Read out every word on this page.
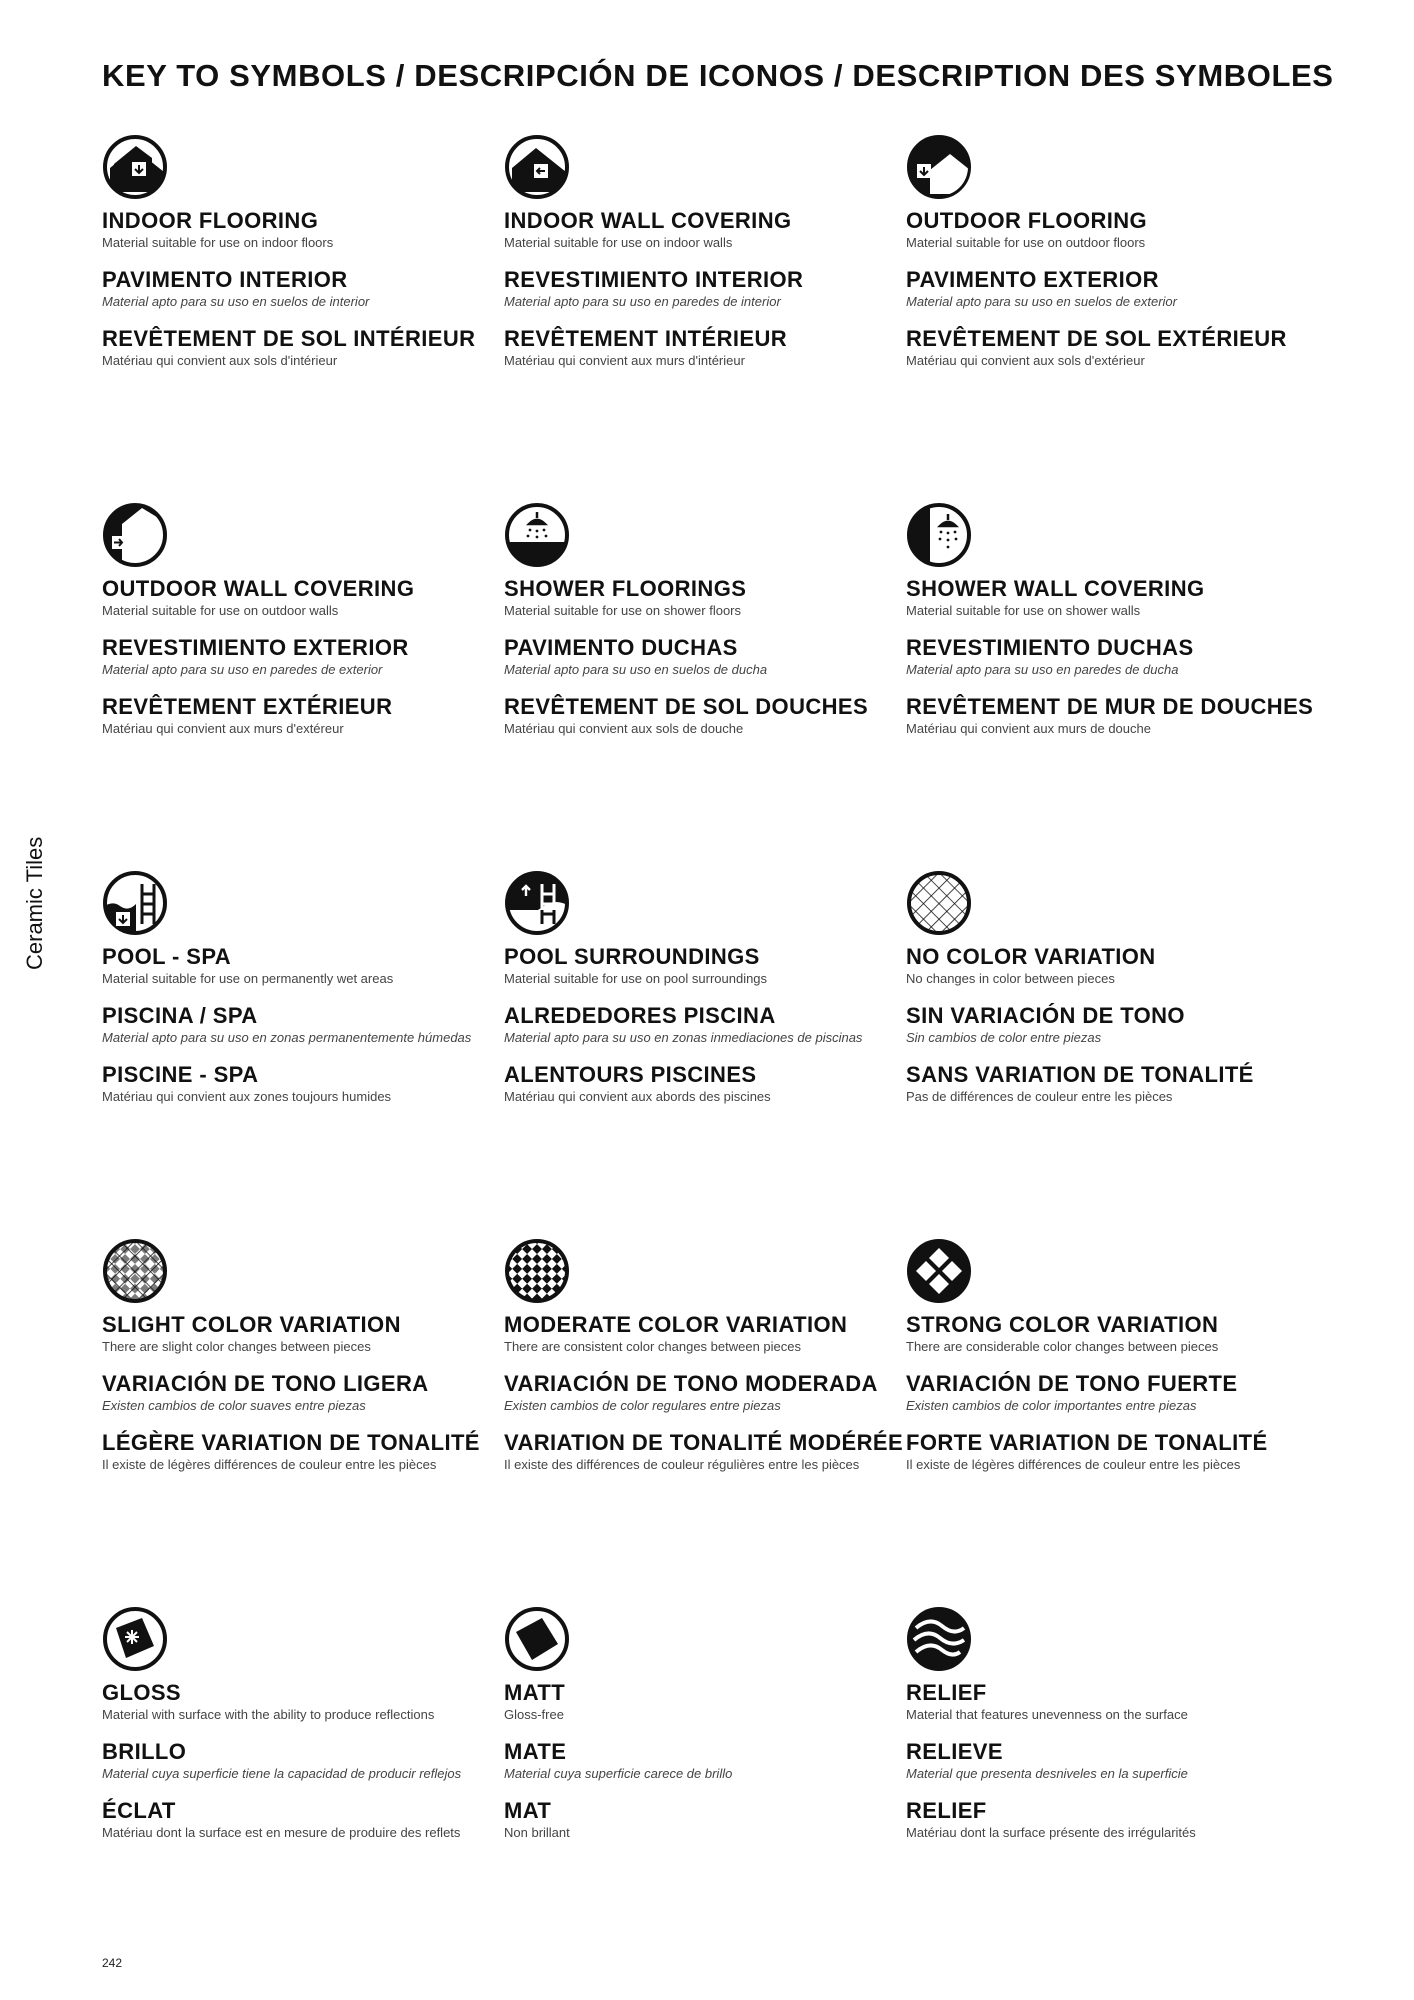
KEY TO SYMBOLS / DESCRIPCIÓN DE ICONOS / DESCRIPTION DES SYMBOLES
Ceramic Tiles
INDOOR FLOORING
Material suitable for use on indoor floors
PAVIMENTO INTERIOR
Material apto para su uso en suelos de interior
REVÊTEMENT DE SOL INTÉRIEUR
Matériau qui convient aux sols d'intérieur
INDOOR WALL COVERING
Material suitable for use on indoor walls
REVESTIMIENTO INTERIOR
Material apto para su uso en paredes de interior
REVÊTEMENT INTÉRIEUR
Matériau qui convient aux murs d'intérieur
OUTDOOR FLOORING
Material suitable for use on outdoor floors
PAVIMENTO EXTERIOR
Material apto para su uso en suelos de exterior
REVÊTEMENT DE SOL EXTÉRIEUR
Matériau qui convient aux sols d'extérieur
OUTDOOR WALL COVERING
Material suitable for use on outdoor walls
REVESTIMIENTO EXTERIOR
Material apto para su uso en paredes de exterior
REVÊTEMENT EXTÉRIEUR
Matériau qui convient aux murs d'extéreur
SHOWER FLOORINGS
Material suitable for use on shower floors
PAVIMENTO DUCHAS
Material apto para su uso en suelos de ducha
REVÊTEMENT DE SOL DOUCHES
Matériau qui convient aux sols de douche
SHOWER WALL COVERING
Material suitable for use on shower walls
REVESTIMIENTO DUCHAS
Material apto para su uso en paredes de ducha
REVÊTEMENT DE MUR DE DOUCHES
Matériau qui convient aux murs de douche
POOL - SPA
Material suitable for use on permanently wet areas
PISCINA / SPA
Material apto para su uso en zonas permanentemente húmedas
PISCINE - SPA
Matériau qui convient aux zones toujours humides
POOL SURROUNDINGS
Material suitable for use on pool surroundings
ALREDEDORES PISCINA
Material apto para su uso en zonas inmediaciones de piscinas
ALENTOURS PISCINES
Matériau qui convient aux abords des piscines
NO COLOR VARIATION
No changes in color between pieces
SIN VARIACIÓN DE TONO
Sin cambios de color entre piezas
SANS VARIATION DE TONALITÉ
Pas de différences de couleur entre les pièces
SLIGHT COLOR VARIATION
There are slight color changes between pieces
VARIACIÓN DE TONO LIGERA
Existen cambios de color suaves entre piezas
LÉGÈRE VARIATION DE TONALITÉ
Il existe de légères différences de couleur entre les pièces
MODERATE COLOR VARIATION
There are consistent color changes between pieces
VARIACIÓN DE TONO MODERADA
Existen cambios de color regulares entre piezas
VARIATION DE TONALITÉ MODÉRÉE
Il existe des différences de couleur régulières entre les pièces
STRONG COLOR VARIATION
There are considerable color changes between pieces
VARIACIÓN DE TONO FUERTE
Existen cambios de color importantes entre piezas
FORTE VARIATION DE TONALITÉ
Il existe de légères différences de couleur entre les pièces
GLOSS
Material with surface with the ability to produce reflections
BRILLO
Material cuya superficie tiene la capacidad de producir reflejos
ÉCLAT
Matériau dont la surface est en mesure de produire des reflets
MATT
Gloss-free
MATE
Material cuya superficie carece de brillo
MAT
Non brillant
RELIEF
Material that features unevenness on the surface
RELIEVE
Material que presenta desniveles en la superficie
RELIEF
Matériau dont la surface présente des irrégularités
242
